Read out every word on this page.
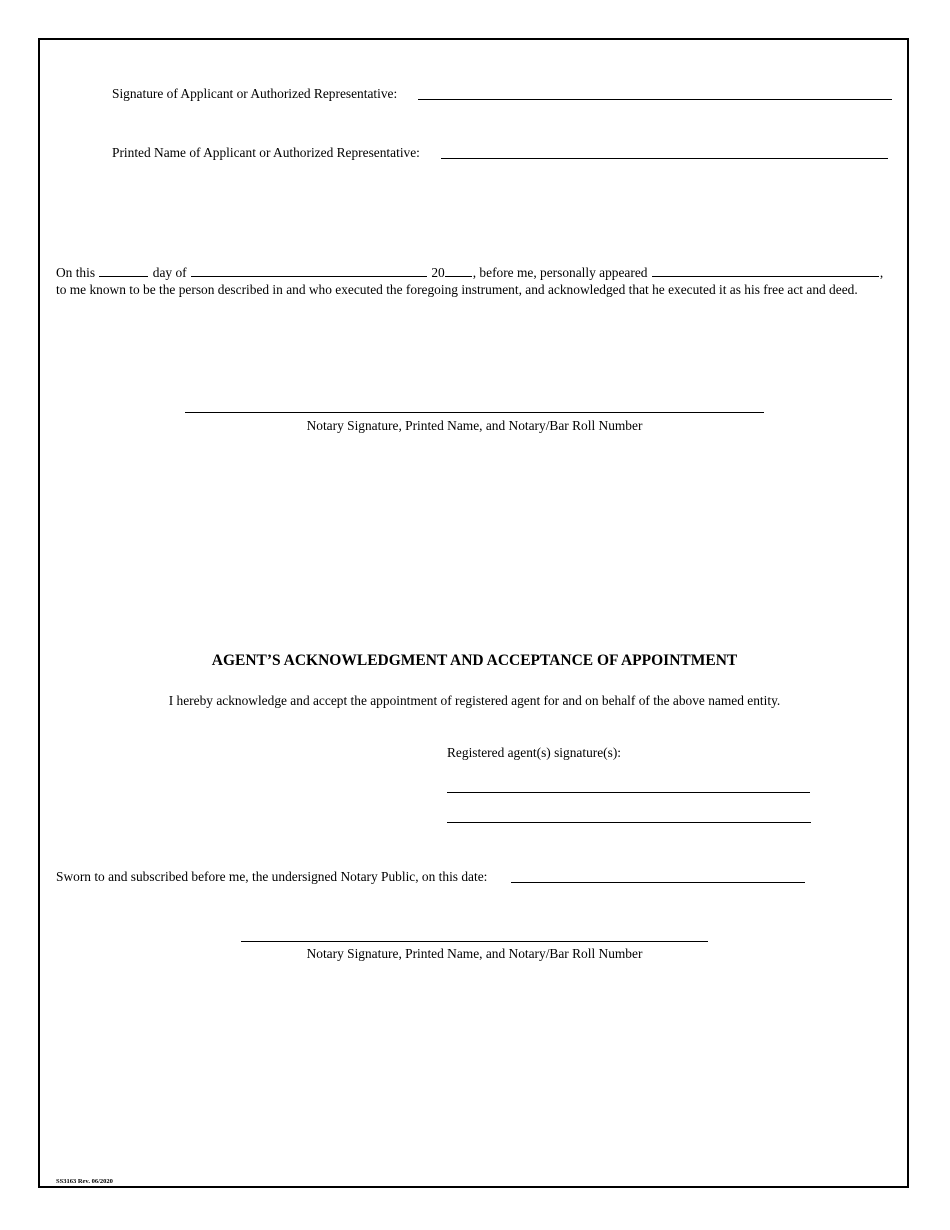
Signature of Applicant or Authorized Representative:
Printed Name of Applicant or Authorized Representative:
On this	day of	20 , before me, personally appeared	,
to me known to be the person described in and who executed the foregoing instrument, and acknowledged that he executed it as his free act and deed.
Notary Signature, Printed Name, and Notary/Bar Roll Number
AGENT’S ACKNOWLEDGMENT AND ACCEPTANCE OF APPOINTMENT
I hereby acknowledge and accept the appointment of registered agent for and on behalf of the above named entity.
Registered agent(s) signature(s):
Sworn to and subscribed before me, the undersigned Notary Public, on this date:
Notary Signature, Printed Name, and Notary/Bar Roll Number
SS3163 Rev. 06/2020
